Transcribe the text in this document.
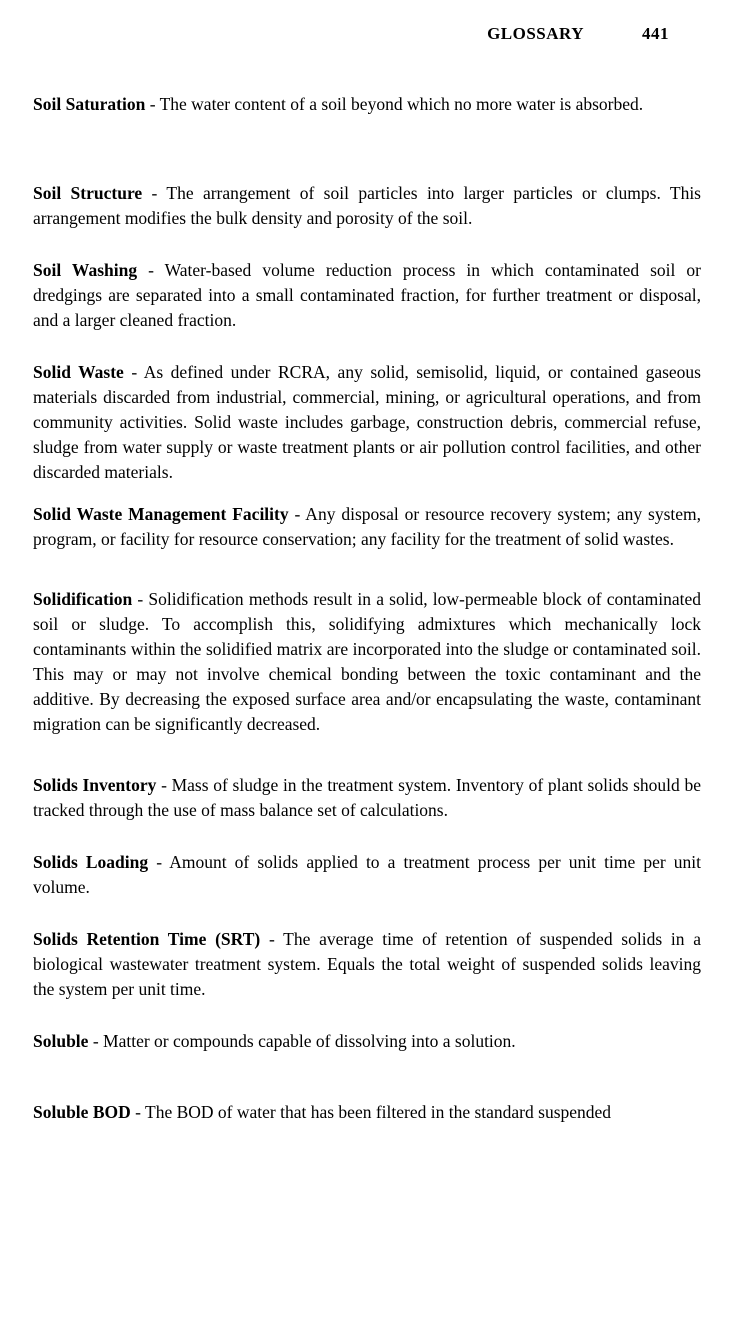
GLOSSARY	441

Soil Saturation - The water content of a soil beyond which no more water is absorbed.

Soil Structure - The arrangement of soil particles into larger particles or clumps. This arrangement modifies the bulk density and porosity of the soil.

Soil Washing - Water-based volume reduction process in which contaminated soil or dredgings are separated into a small contaminated fraction, for further treatment or disposal, and a larger cleaned fraction.

Solid Waste - As defined under RCRA, any solid, semisolid, liquid, or contained gaseous materials discarded from industrial, commercial, mining, or agricultural operations, and from community activities. Solid waste includes garbage, construction debris, commercial refuse, sludge from water supply or waste treatment plants or air pollution control facilities, and other discarded materials.

Solid Waste Management Facility - Any disposal or resource recovery system; any system, program, or facility for resource conservation; any facility for the treatment of solid wastes.

Solidification - Solidification methods result in a solid, low-permeable block of contaminated soil or sludge. To accomplish this, solidifying admixtures which mechanically lock contaminants within the solidified matrix are incorporated into the sludge or contaminated soil. This may or may not involve chemical bonding between the toxic contaminant and the additive. By decreasing the exposed surface area and/or encapsulating the waste, contaminant migration can be significantly decreased.

Solids Inventory - Mass of sludge in the treatment system. Inventory of plant solids should be tracked through the use of mass balance set of calculations.

Solids Loading - Amount of solids applied to a treatment process per unit time per unit volume.

Solids Retention Time (SRT) - The average time of retention of suspended solids in a biological wastewater treatment system. Equals the total weight of suspended solids leaving the system per unit time.

Soluble - Matter or compounds capable of dissolving into a solution.

Soluble BOD - The BOD of water that has been filtered in the standard suspended
